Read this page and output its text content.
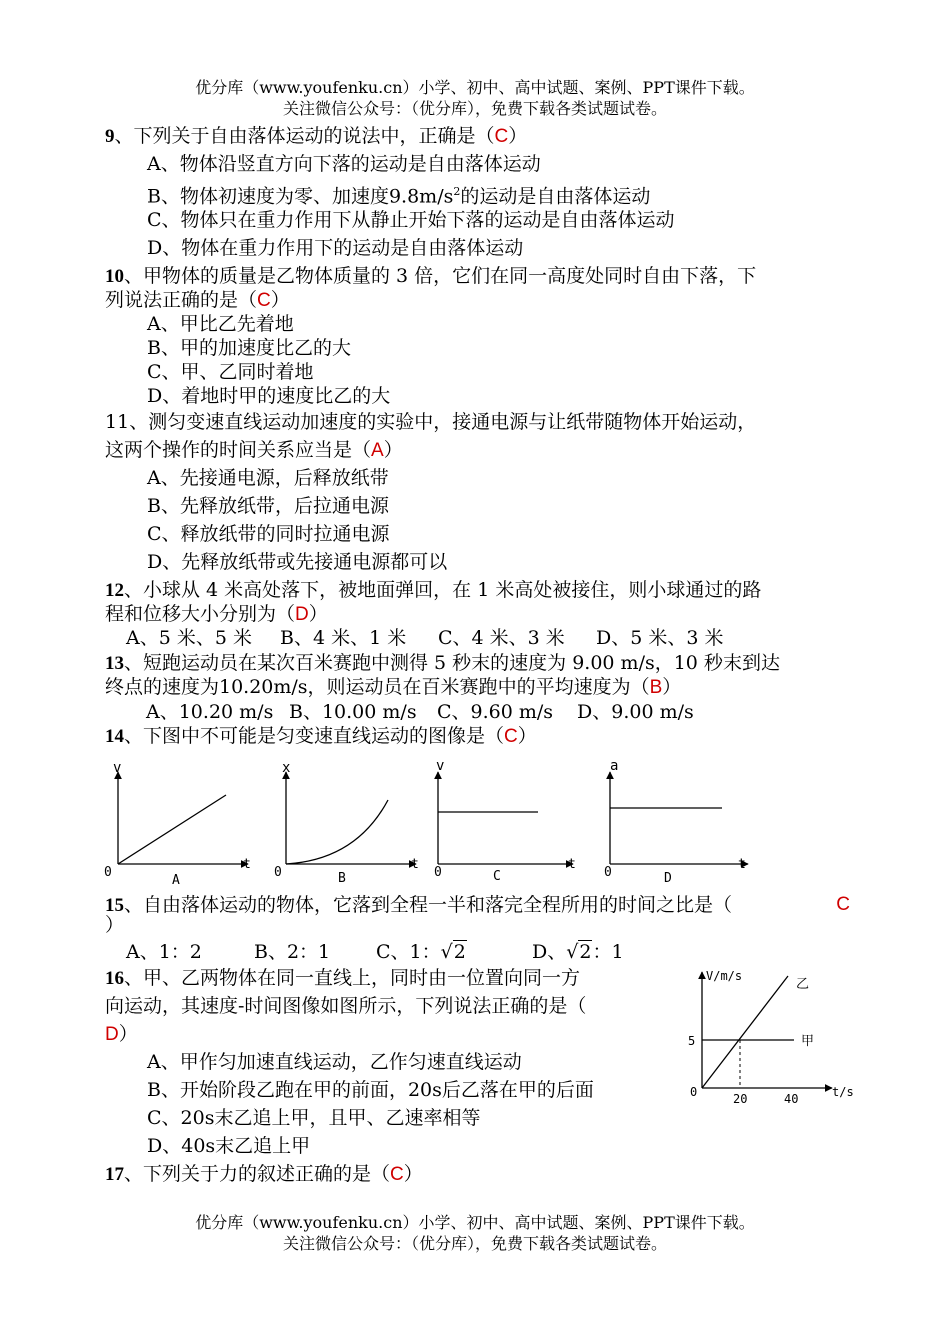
优分库（www.youfenku.cn）小学、初中、高中试题、案例、PPT课件下载。
关注微信公众号：（优分库），免费下载各类试题试卷。
9、下列关于自由落体运动的说法中，正确是（C）
A、物体沿竖直方向下落的运动是自由落体运动
B、物体初速度为零、加速度$9.8m/s^2$的运动是自由落体运动
C、物体只在重力作用下从静止开始下落的运动是自由落体运动
D、物体在重力作用下的运动是自由落体运动
10、甲物体的质量是乙物体质量的 3 倍，它们在同一高度处同时自由下落，下
列说法正确的是（C）
A、甲比乙先着地
B、甲的加速度比乙的大
C、甲、乙同时着地
D、着地时甲的速度比乙的大
11、测匀变速直线运动加速度的实验中，接通电源与让纸带随物体开始运动，
这两个操作的时间关系应当是（A）
A、先接通电源，后释放纸带
B、先释放纸带，后拉通电源
C、释放纸带的同时拉通电源
D、先释放纸带或先接通电源都可以
12、小球从 4 米高处落下，被地面弹回，在 1 米高处被接住，则小球通过的路
程和位移大小分别为（D）
A、5 米、5 米 B、4 米、1 米 C、4 米、3 米 D、5 米、3 米
13、短跑运动员在某次百米赛跑中测得 5 秒末的速度为 9.00 m/s，10 秒末到达
终点的速度为10.20m/s，则运动员在百米赛跑中的平均速度为（B）
A、10.20 m/s B、10.00 m/s C、9.60 m/s D、9.00 m/s
14、下图中不可能是匀变速直线运动的图像是（C）
v
t
0
A
x
t
0	B
v
t
0	C
a
t
0	D
15、自由落体运动的物体，它落到全程一半和落完全程所用的时间之比是（	C
）
A、1：2	B、2：1 C、1：√2	D、√2：1
16、甲、乙两物体在同一直线上，同时由一位置向同一方
向运动，其速度-时间图像如图所示，下列说法正确的是（
D）
A、甲作匀加速直线运动，乙作匀速直线运动
B、开始阶段乙跑在甲的前面，20s后乙落在甲的后面
C、20s末乙追上甲，且甲、乙速率相等
D、40s末乙追上甲
V/m/s
乙
甲
5
0	20	40	t/s
17、下列关于力的叙述正确的是（C）
优分库（www.youfenku.cn）小学、初中、高中试题、案例、PPT课件下载。
关注微信公众号：（优分库），免费下载各类试题试卷。
